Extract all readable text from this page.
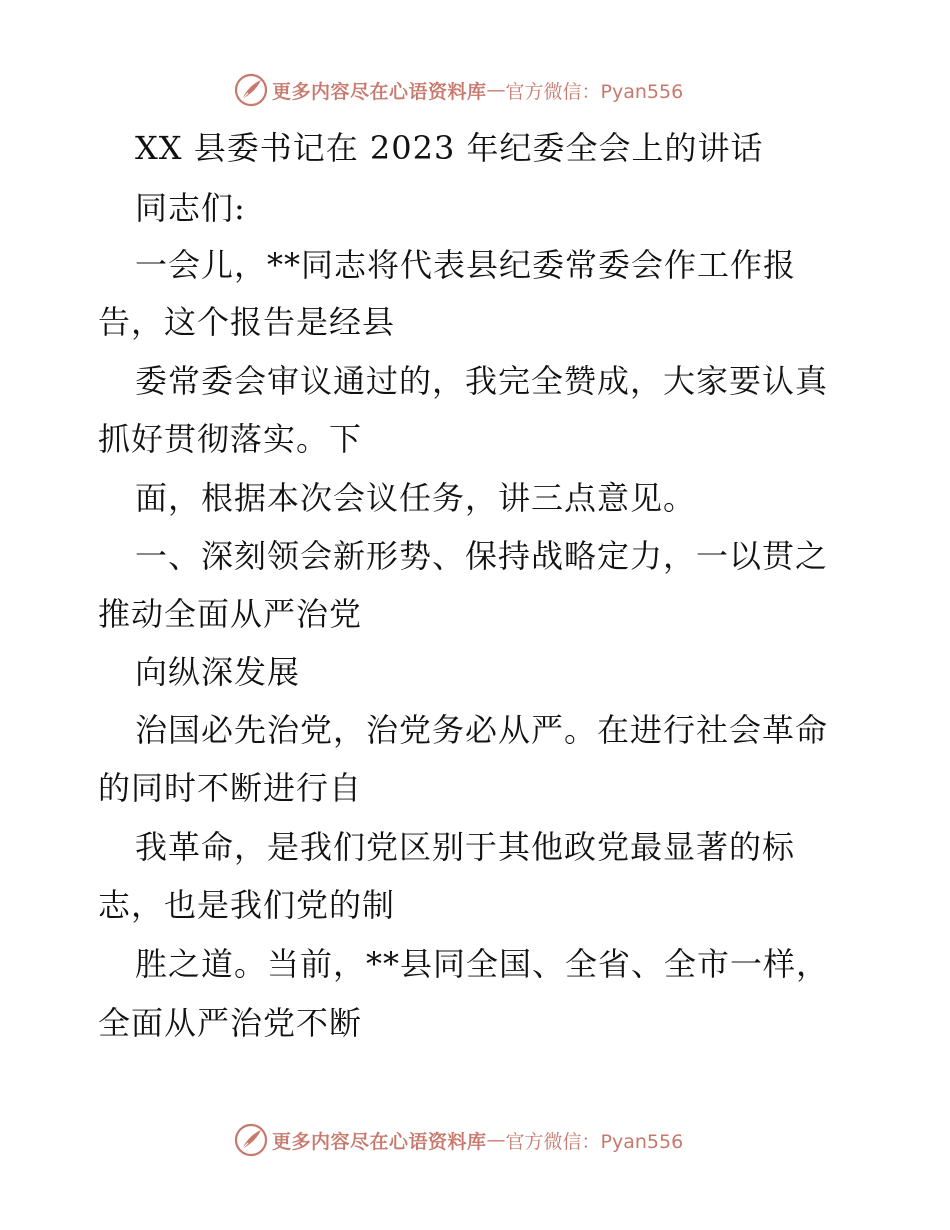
更多内容尽在心语资料库 — 官方微信：Pyan556
XX 县委书记在 2023 年纪委全会上的讲话
同志们:
一会儿，**同志将代表县纪委常委会作工作报
告，这个报告是经县
委常委会审议通过的，我完全赞成，大家要认真
抓好贯彻落实。下
面，根据本次会议任务，讲三点意见。
一、深刻领会新形势、保持战略定力，一以贯之
推动全面从严治党
向纵深发展
治国必先治党，治党务必从严。在进行社会革命
的同时不断进行自
我革命，是我们党区别于其他政党最显著的标
志，也是我们党的制
胜之道。当前，**县同全国、全省、全市一样，
全面从严治党不断
更多内容尽在心语资料库 — 官方微信：Pyan556
